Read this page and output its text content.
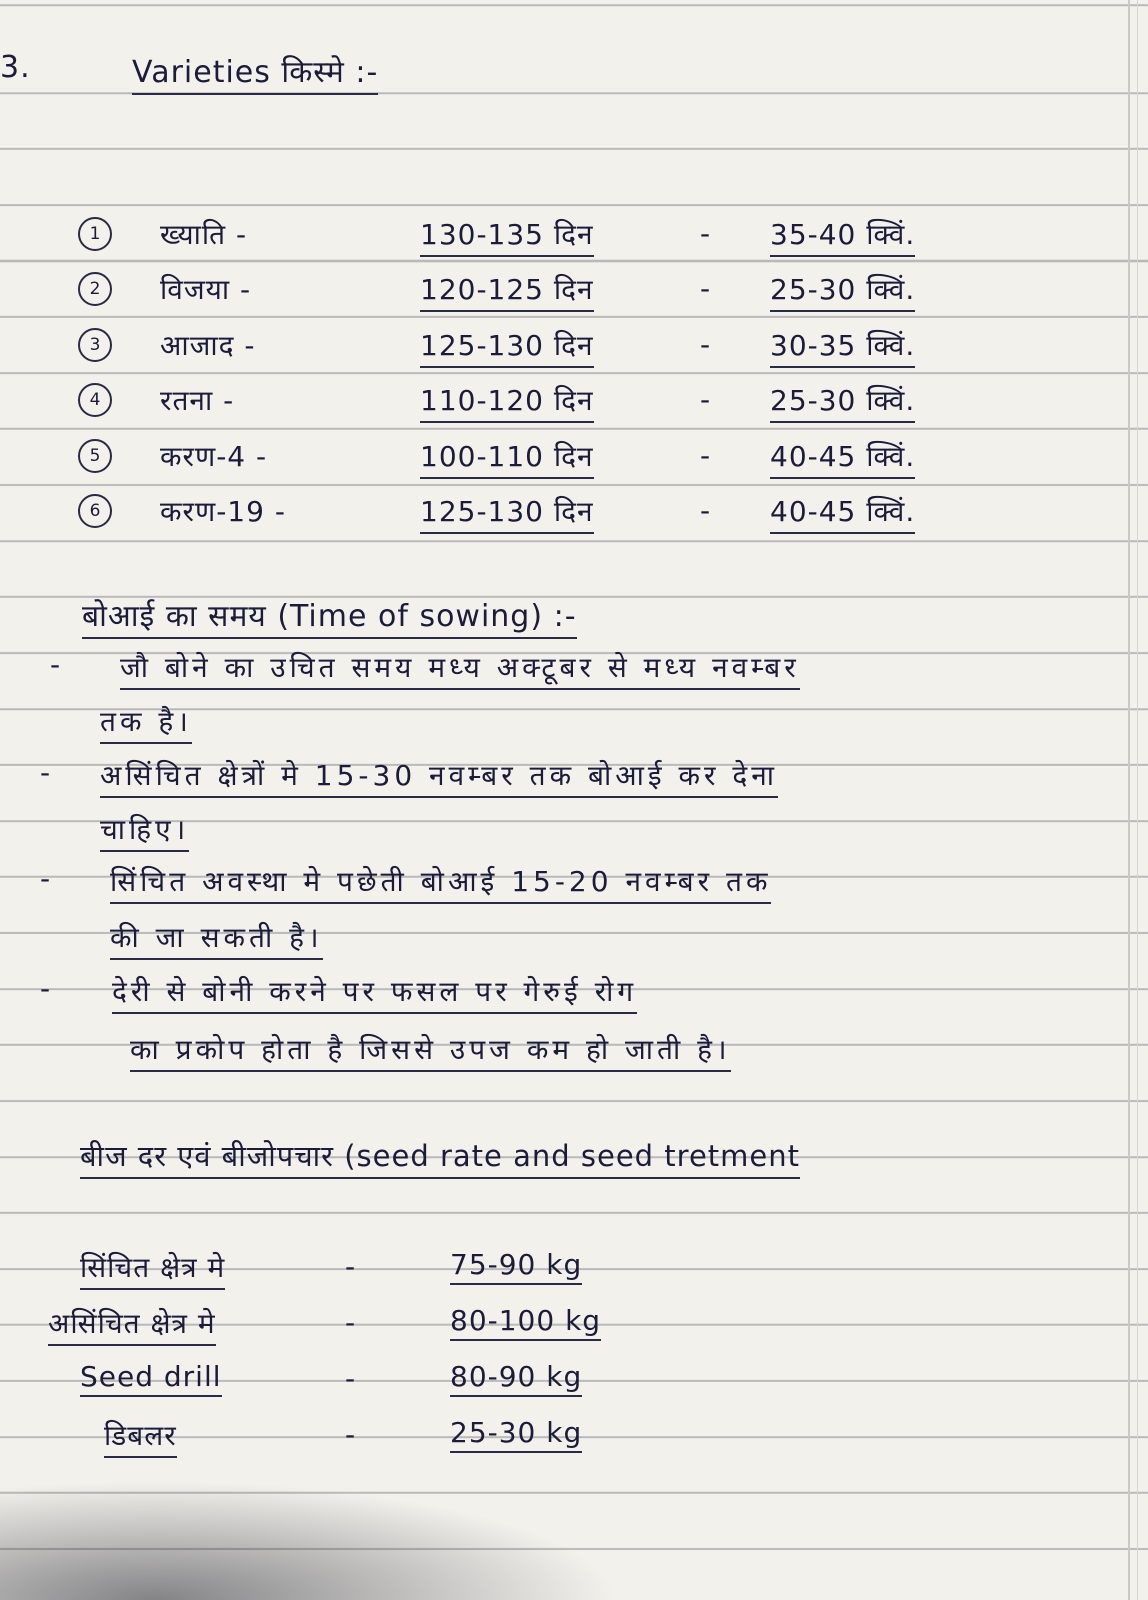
3.	Varieties किस्मे :-
1	ख्याति -	130-135 दिन	- 35-40 क्विं.
2	विजया -	120-125 दिन	- 25-30 क्विं.
3	आजाद -	125-130 दिन	- 30-35 क्विं.
4	रतना -	110-120 दिन	- 25-30 क्विं.
5	करण-4 -	100-110 दिन	- 40-45 क्विं.
6	करण-19 -	125-130 दिन	- 40-45 क्विं.
बोआई का समय (Time of sowing) :-
- जौ बोने का उचित समय मध्य अक्टूबर से मध्य नवम्बर
तक है।
- असिंचित क्षेत्रों मे 15-30 नवम्बर तक बोआई कर देना
चाहिए।
- सिंचित अवस्था मे पछेती बोआई 15-20 नवम्बर तक
की जा सकती है।
- देरी से बोनी करने पर फसल पर गेरुई रोग
का प्रकोप होता है जिससे उपज कम हो जाती है।
बीज दर एवं बीजोपचार (seed rate and seed tretment
सिंचित क्षेत्र मे	-	75-90 kg
असिंचित क्षेत्र मे	-	80-100 kg
Seed drill	-	80-90 kg
डिबलर	-	25-30 kg
